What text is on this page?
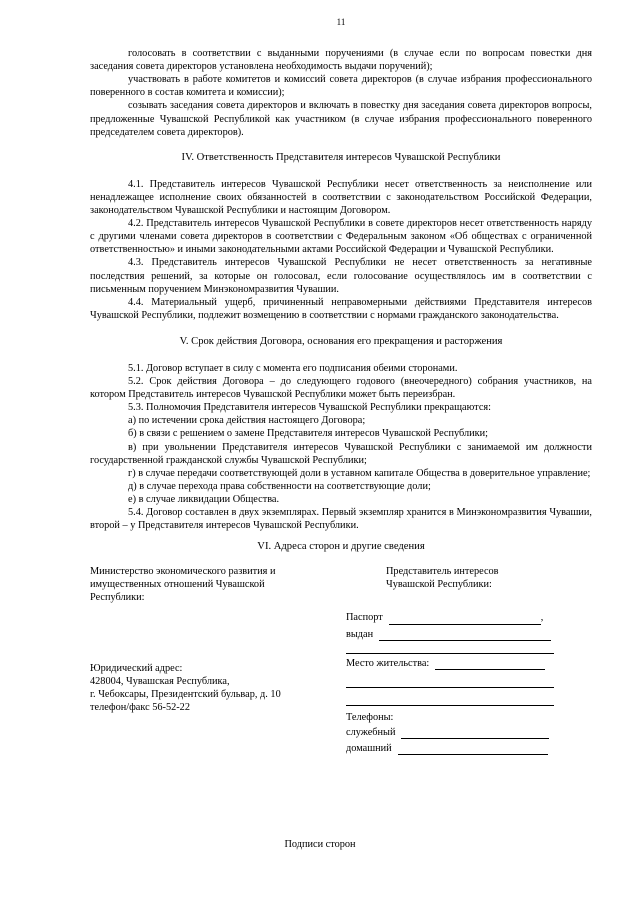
11

голосовать в соответствии с выданными поручениями (в случае если по вопросам повестки дня заседания совета директоров установлена необходимость выдачи поручений);

участвовать в работе комитетов и комиссий совета директоров (в случае избрания профессионального поверенного в состав комитета и комиссии);

созывать заседания совета директоров и включать в повестку дня заседания совета директоров вопросы, предложенные Чувашской Республикой как участником (в случае избрания профессионального поверенного председателем совета директоров).

IV. Ответственность Представителя интересов Чувашской Республики

4.1. Представитель интересов Чувашской Республики несет ответственность за неисполнение или ненадлежащее исполнение своих обязанностей в соответствии с законодательством Российской Федерации, законодательством Чувашской Республики и настоящим Договором.

4.2. Представитель интересов Чувашской Республики в совете директоров несет ответственность наряду с другими членами совета директоров в соответствии с Федеральным законом «Об обществах с ограниченной ответственностью» и иными законодательными актами Российской Федерации и Чувашской Республики.

4.3. Представитель интересов Чувашской Республики не несет ответственность за негативные последствия решений, за которые он голосовал, если голосование осуществлялось им в соответствии с письменным поручением Минэкономразвития Чувашии.

4.4. Материальный ущерб, причиненный неправомерными действиями Представителя интересов Чувашской Республики, подлежит возмещению в соответствии с нормами гражданского законодательства.

V. Срок действия Договора, основания его прекращения и расторжения

5.1. Договор вступает в силу с момента его подписания обеими сторонами.

5.2. Срок действия Договора – до следующего годового (внеочередного) собрания участников, на котором Представитель интересов Чувашской Республики может быть переизбран.

5.3. Полномочия Представителя интересов Чувашской Республики прекращаются:

а) по истечении срока действия настоящего Договора;

б) в связи с решением о замене Представителя интересов Чувашской Республики;

в) при увольнении Представителя интересов Чувашской Республики с занимаемой им должности государственной гражданской службы Чувашской Республики;

г) в случае передачи соответствующей доли в уставном капитале Общества в доверительное управление;

д) в случае перехода права собственности на соответствующие доли;

е) в случае ликвидации Общества.

5.4. Договор составлен в двух экземплярах. Первый экземпляр хранится в Минэкономразвития Чувашии, второй – у Представителя интересов Чувашской Республики.

VI. Адреса сторон и другие сведения

Министерство экономического развития и имущественных отношений Чувашской Республики:

Юридический адрес:

428004, Чувашская Республика,

г. Чебоксары, Президентский бульвар, д. 10

телефон/факс 56-52-22

Представитель интересов Чувашской Республики:

Паспорт	,
выдан
Место жительства:
Телефоны:
служебный
домашний
Подписи сторон
